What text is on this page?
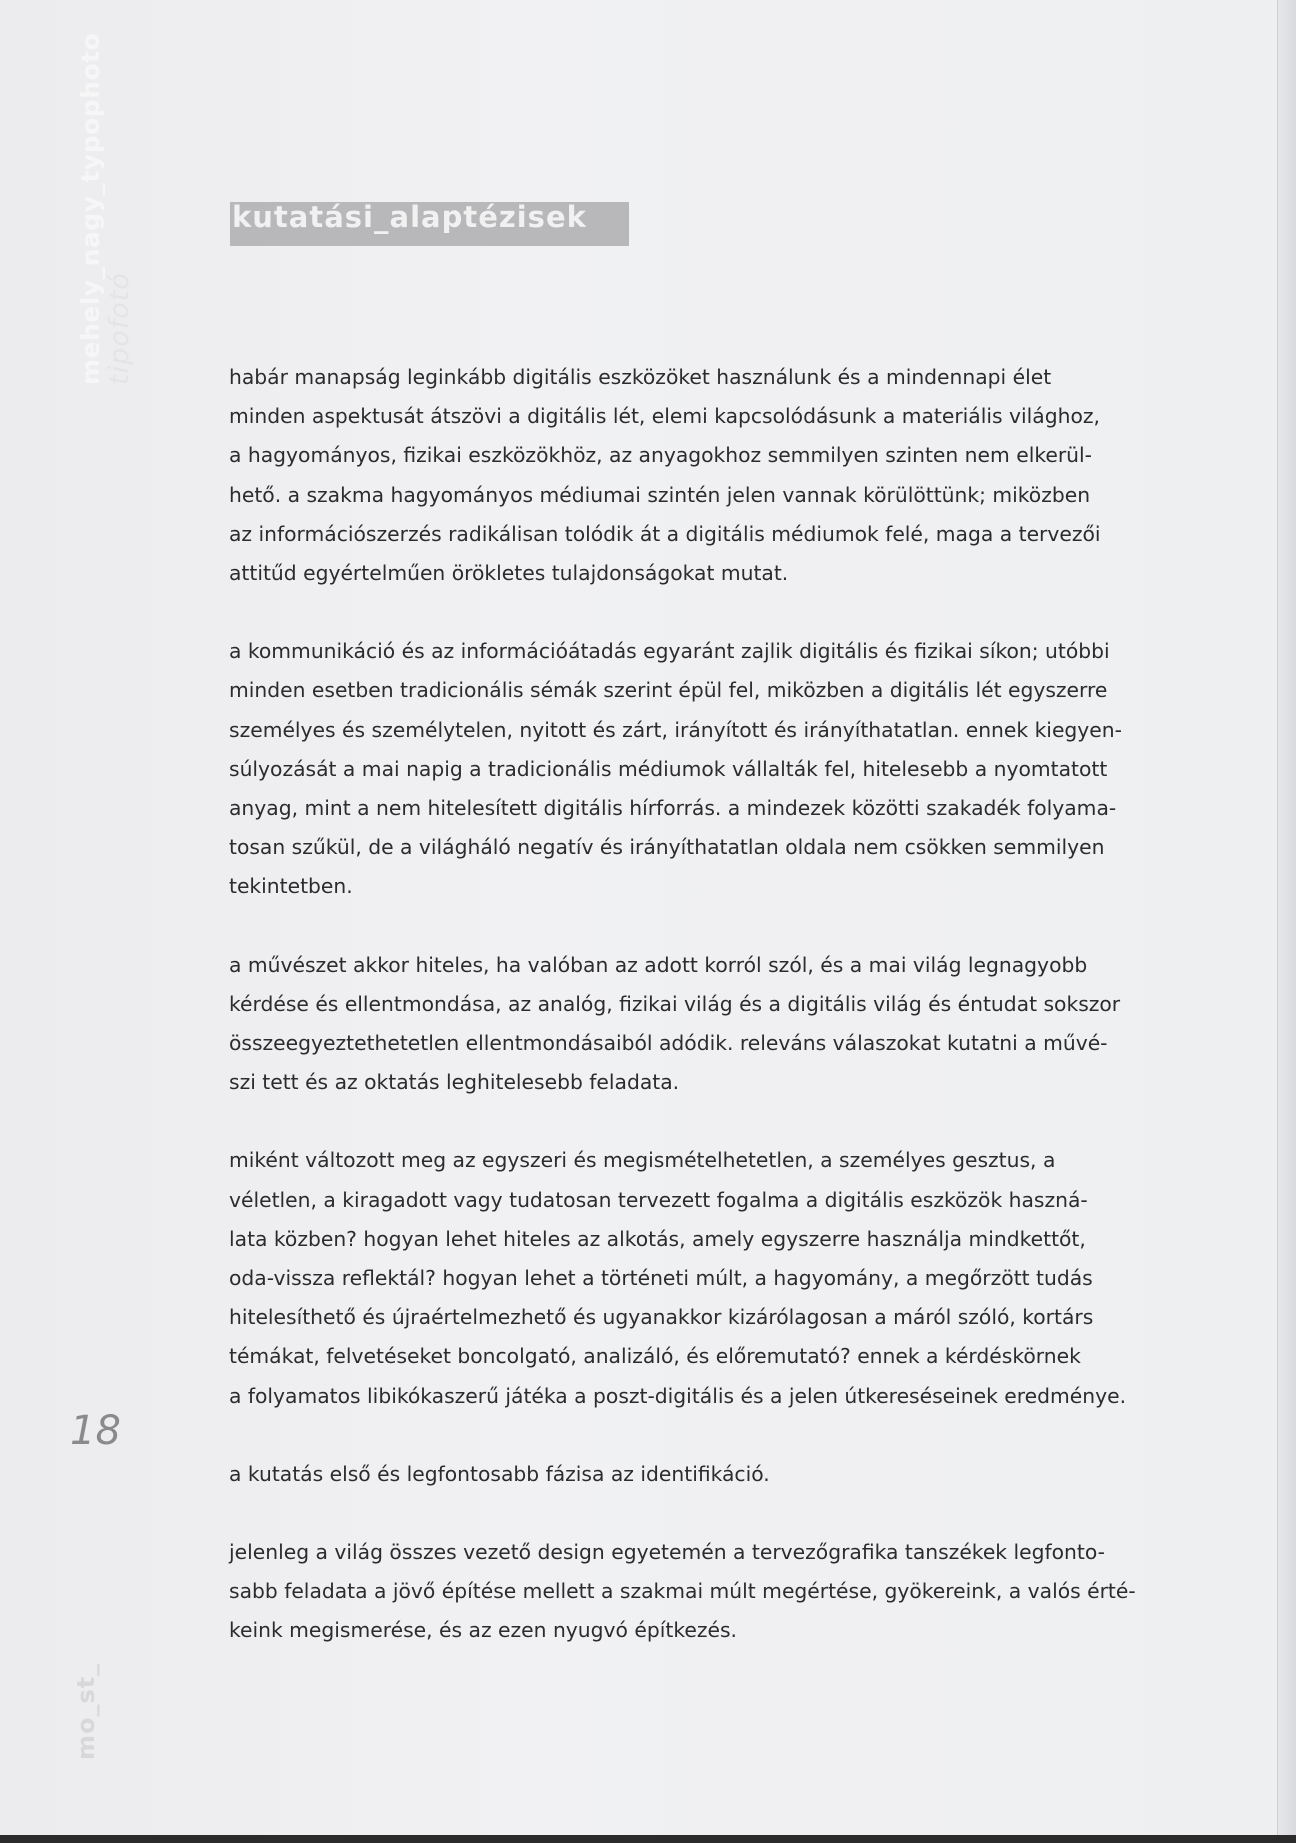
mehely_nagy_typophoto tipofotó
18
mo_st_
kutatási_alaptézisek

habár manapság leginkább digitális eszközöket használunk és a mindennapi élet
minden aspektusát átszövi a digitális lét, elemi kapcsolódásunk a materiális világhoz,
a hagyományos, fizikai eszközökhöz, az anyagokhoz semmilyen szinten nem elkerül-
hető. a szakma hagyományos médiumai szintén jelen vannak körülöttünk; miközben
az információszerzés radikálisan tolódik át a digitális médiumok felé, maga a tervezői
attitűd egyértelműen örökletes tulajdonságokat mutat.

a kommunikáció és az információátadás egyaránt zajlik digitális és fizikai síkon; utóbbi
minden esetben tradicionális sémák szerint épül fel, miközben a digitális lét egyszerre
személyes és személytelen, nyitott és zárt, irányított és irányíthatatlan. ennek kiegyen-
súlyozását a mai napig a tradicionális médiumok vállalták fel, hitelesebb a nyomtatott
anyag, mint a nem hitelesített digitális hírforrás. a mindezek közötti szakadék folyama-
tosan szűkül, de a világháló negatív és irányíthatatlan oldala nem csökken semmilyen
tekintetben.

a művészet akkor hiteles, ha valóban az adott korról szól, és a mai világ legnagyobb
kérdése és ellentmondása, az analóg, fizikai világ és a digitális világ és éntudat sokszor
összeegyeztethetetlen ellentmondásaiból adódik. releváns válaszokat kutatni a művé-
szi tett és az oktatás leghitelesebb feladata.

miként változott meg az egyszeri és megismételhetetlen, a személyes gesztus, a
véletlen, a kiragadott vagy tudatosan tervezett fogalma a digitális eszközök haszná-
lata közben? hogyan lehet hiteles az alkotás, amely egyszerre használja mindkettőt,
oda-vissza reflektál? hogyan lehet a történeti múlt, a hagyomány, a megőrzött tudás
hitelesíthető és újraértelmezhető és ugyanakkor kizárólagosan a máról szóló, kortárs
témákat, felvetéseket boncolgató, analizáló, és előremutató? ennek a kérdéskörnek
a folyamatos libikókaszerű játéka a poszt-digitális és a jelen útkereséseinek eredménye.

a kutatás első és legfontosabb fázisa az identifikáció.

jelenleg a világ összes vezető design egyetemén a tervezőgrafika tanszékek legfonto-
sabb feladata a jövő építése mellett a szakmai múlt megértése, gyökereink, a valós érté-
keink megismerése, és az ezen nyugvó építkezés.
